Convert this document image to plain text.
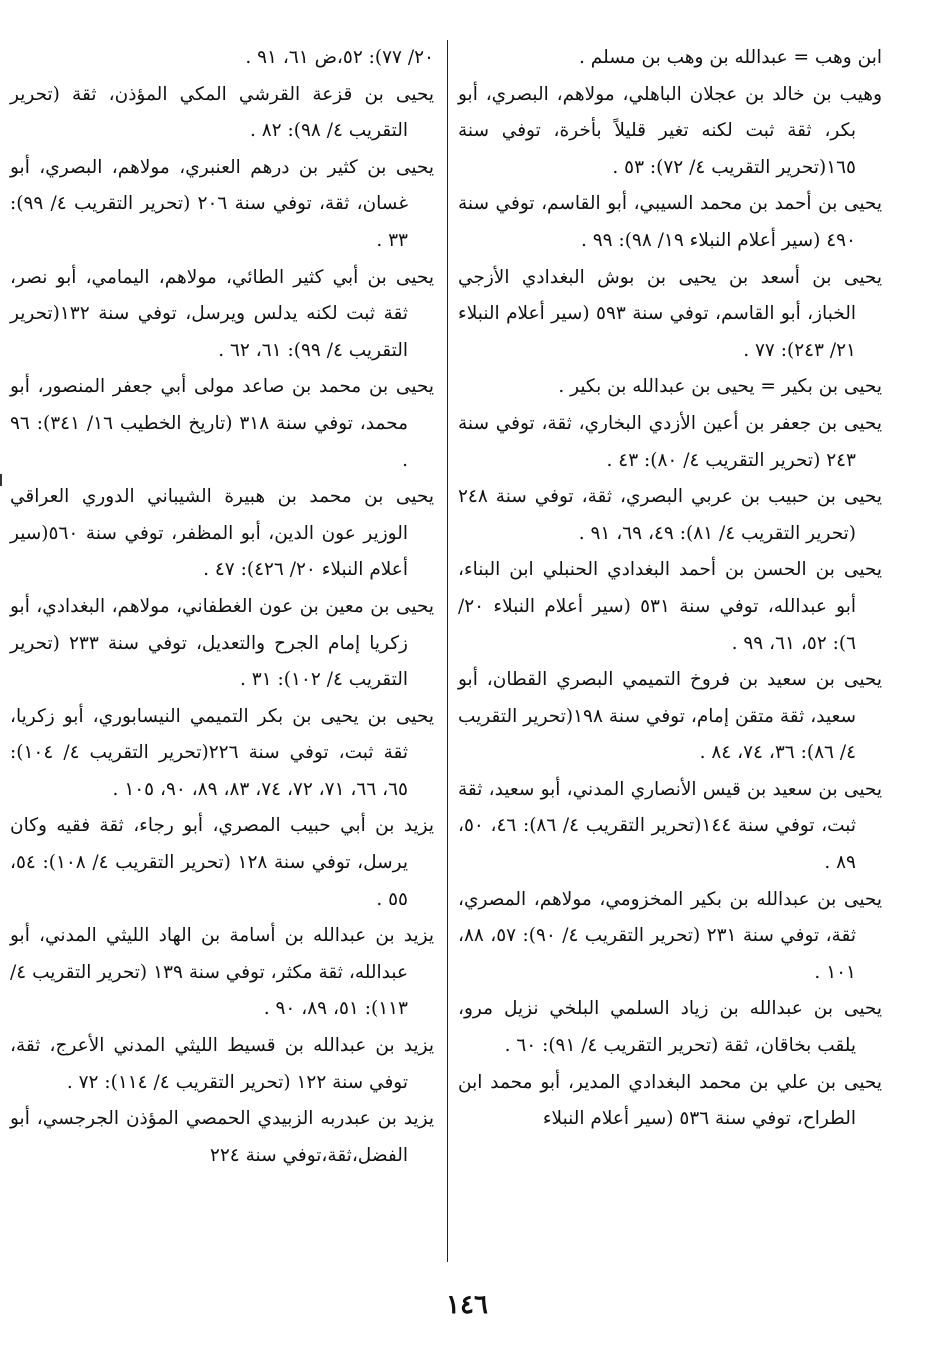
ابن وهب = عبدالله بن وهب بن مسلم .

وهيب بن خالد بن عجلان الباهلي، مولاهم، البصري، أبو بكر، ثقة ثبت لكنه تغير قليلاً بأخرة، توفي سنة ١٦٥(تحرير التقريب ٤/ ٧٢): ٥٣ .

يحيى بن أحمد بن محمد السيبي، أبو القاسم، توفي سنة ٤٩٠ (سير أعلام النبلاء ١٩/ ٩٨): ٩٩ .

يحيى بن أسعد بن يحيى بن بوش البغدادي الأزجي الخباز، أبو القاسم، توفي سنة ٥٩٣ (سير أعلام النبلاء ٢١/ ٢٤٣): ٧٧ .

يحيى بن بكير = يحيى بن عبدالله بن بكير .

يحيى بن جعفر بن أعين الأزدي البخاري، ثقة، توفي سنة ٢٤٣ (تحرير التقريب ٤/ ٨٠): ٤٣ .

يحيى بن حبيب بن عربي البصري، ثقة، توفي سنة ٢٤٨ (تحرير التقريب ٤/ ٨١): ٤٩، ٦٩، ٩١ .

يحيى بن الحسن بن أحمد البغدادي الحنبلي ابن البناء، أبو عبدالله، توفي سنة ٥٣١ (سير أعلام النبلاء ٢٠/ ٦): ٥٢، ٦١، ٩٩ .

يحيى بن سعيد بن فروخ التميمي البصري القطان، أبو سعيد، ثقة متقن إمام، توفي سنة ١٩٨(تحرير التقريب ٤/ ٨٦): ٣٦، ٧٤، ٨٤ .

يحيى بن سعيد بن قيس الأنصاري المدني، أبو سعيد، ثقة ثبت، توفي سنة ١٤٤(تحرير التقريب ٤/ ٨٦): ٤٦، ٥٠، ٨٩ .

يحيى بن عبدالله بن بكير المخزومي، مولاهم، المصري، ثقة، توفي سنة ٢٣١ (تحرير التقريب ٤/ ٩٠): ٥٧، ٨٨، ١٠١ .

يحيى بن عبدالله بن زياد السلمي البلخي نزيل مرو، يلقب بخاقان، ثقة (تحرير التقريب ٤/ ٩١): ٦٠ .

يحيى بن علي بن محمد البغدادي المدير، أبو محمد ابن الطراح، توفي سنة ٥٣٦ (سير أعلام النبلاء

٢٠/ ٧٧): ٥٢،ض ٦١، ٩١ .

يحيى بن قزعة القرشي المكي المؤذن، ثقة (تحرير التقريب ٤/ ٩٨): ٨٢ .

يحيى بن كثير بن درهم العنبري، مولاهم، البصري، أبو غسان، ثقة، توفي سنة ٢٠٦ (تحرير التقريب ٤/ ٩٩): ٣٣ .

يحيى بن أبي كثير الطائي، مولاهم، اليمامي، أبو نصر، ثقة ثبت لكنه يدلس ويرسل، توفي سنة ١٣٢(تحرير التقريب ٤/ ٩٩): ٦١، ٦٢ .

يحيى بن محمد بن صاعد مولى أبي جعفر المنصور، أبو محمد، توفي سنة ٣١٨ (تاريخ الخطيب ١٦/ ٣٤١): ٩٦ .

يحيى بن محمد بن هبيرة الشيباني الدوري العراقي الوزير عون الدين، أبو المظفر، توفي سنة ٥٦٠(سير أعلام النبلاء ٢٠/ ٤٢٦): ٤٧ .

يحيى بن معين بن عون الغطفاني، مولاهم، البغدادي، أبو زكريا إمام الجرح والتعديل، توفي سنة ٢٣٣ (تحرير التقريب ٤/ ١٠٢): ٣١ .

يحيى بن يحيى بن بكر التميمي النيسابوري، أبو زكريا، ثقة ثبت، توفي سنة ٢٢٦(تحرير التقريب ٤/ ١٠٤): ٦٥، ٦٦، ٧١، ٧٢، ٧٤، ٨٣، ٨٩، ٩٠، ١٠٥ .

يزيد بن أبي حبيب المصري، أبو رجاء، ثقة فقيه وكان يرسل، توفي سنة ١٢٨ (تحرير التقريب ٤/ ١٠٨): ٥٤، ٥٥ .

يزيد بن عبدالله بن أسامة بن الهاد الليثي المدني، أبو عبدالله، ثقة مكثر، توفي سنة ١٣٩ (تحرير التقريب ٤/ ١١٣): ٥١، ٨٩، ٩٠ .

يزيد بن عبدالله بن قسيط الليثي المدني الأعرج، ثقة، توفي سنة ١٢٢ (تحرير التقريب ٤/ ١١٤): ٧٢ .

يزيد بن عبدربه الزبيدي الحمصي المؤذن الجرجسي، أبو الفضل،ثقة،توفي سنة ٢٢٤

١٤٦
